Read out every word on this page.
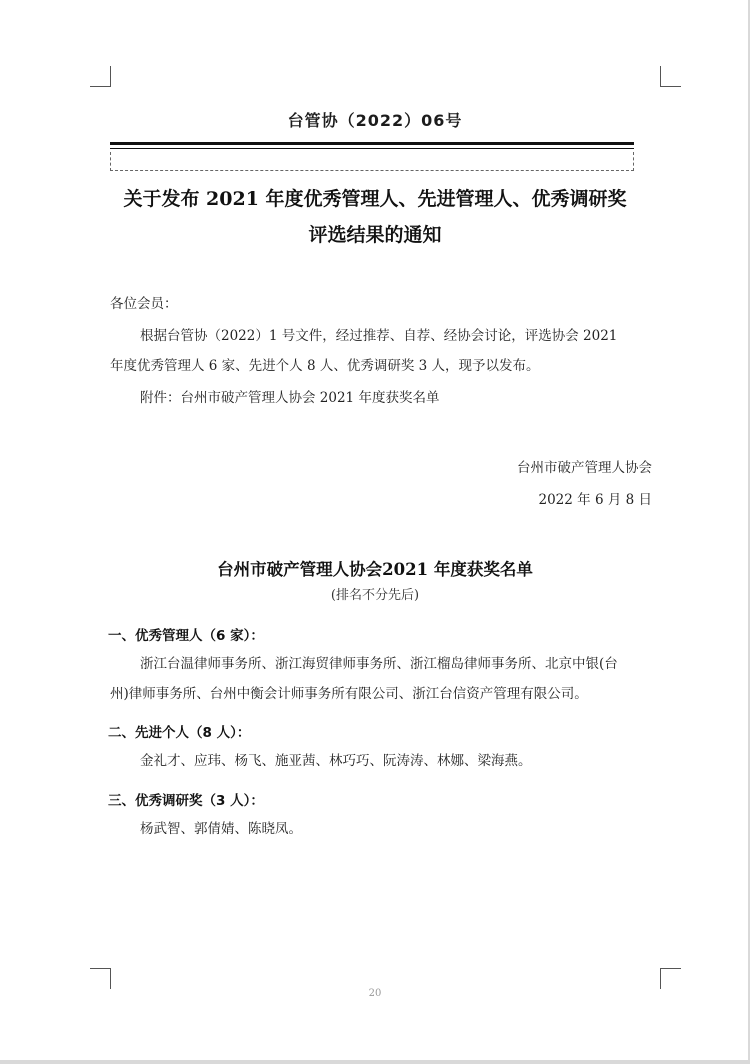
台管协（2022）06号
关于发布 2021 年度优秀管理人、先进管理人、优秀调研奖
评选结果的通知
各位会员：
根据台管协（2022）1 号文件，经过推荐、自荐、经协会讨论，评选协会 2021
年度优秀管理人 6 家、先进个人 8 人、优秀调研奖 3 人，现予以发布。
附件：台州市破产管理人协会 2021 年度获奖名单
台州市破产管理人协会
2022 年 6 月 8 日
台州市破产管理人协会2021 年度获奖名单
(排名不分先后)
一、优秀管理人（6 家）：
浙江台温律师事务所、浙江海贸律师事务所、浙江榴岛律师事务所、北京中银(台
州)律师事务所、台州中衡会计师事务所有限公司、浙江台信资产管理有限公司。
二、先进个人（8 人）：
金礼才、应玮、杨飞、施亚茜、林巧巧、阮涛涛、林娜、梁海燕。
三、优秀调研奖（3 人）：
杨武智、郭倩婧、陈晓凤。
20
